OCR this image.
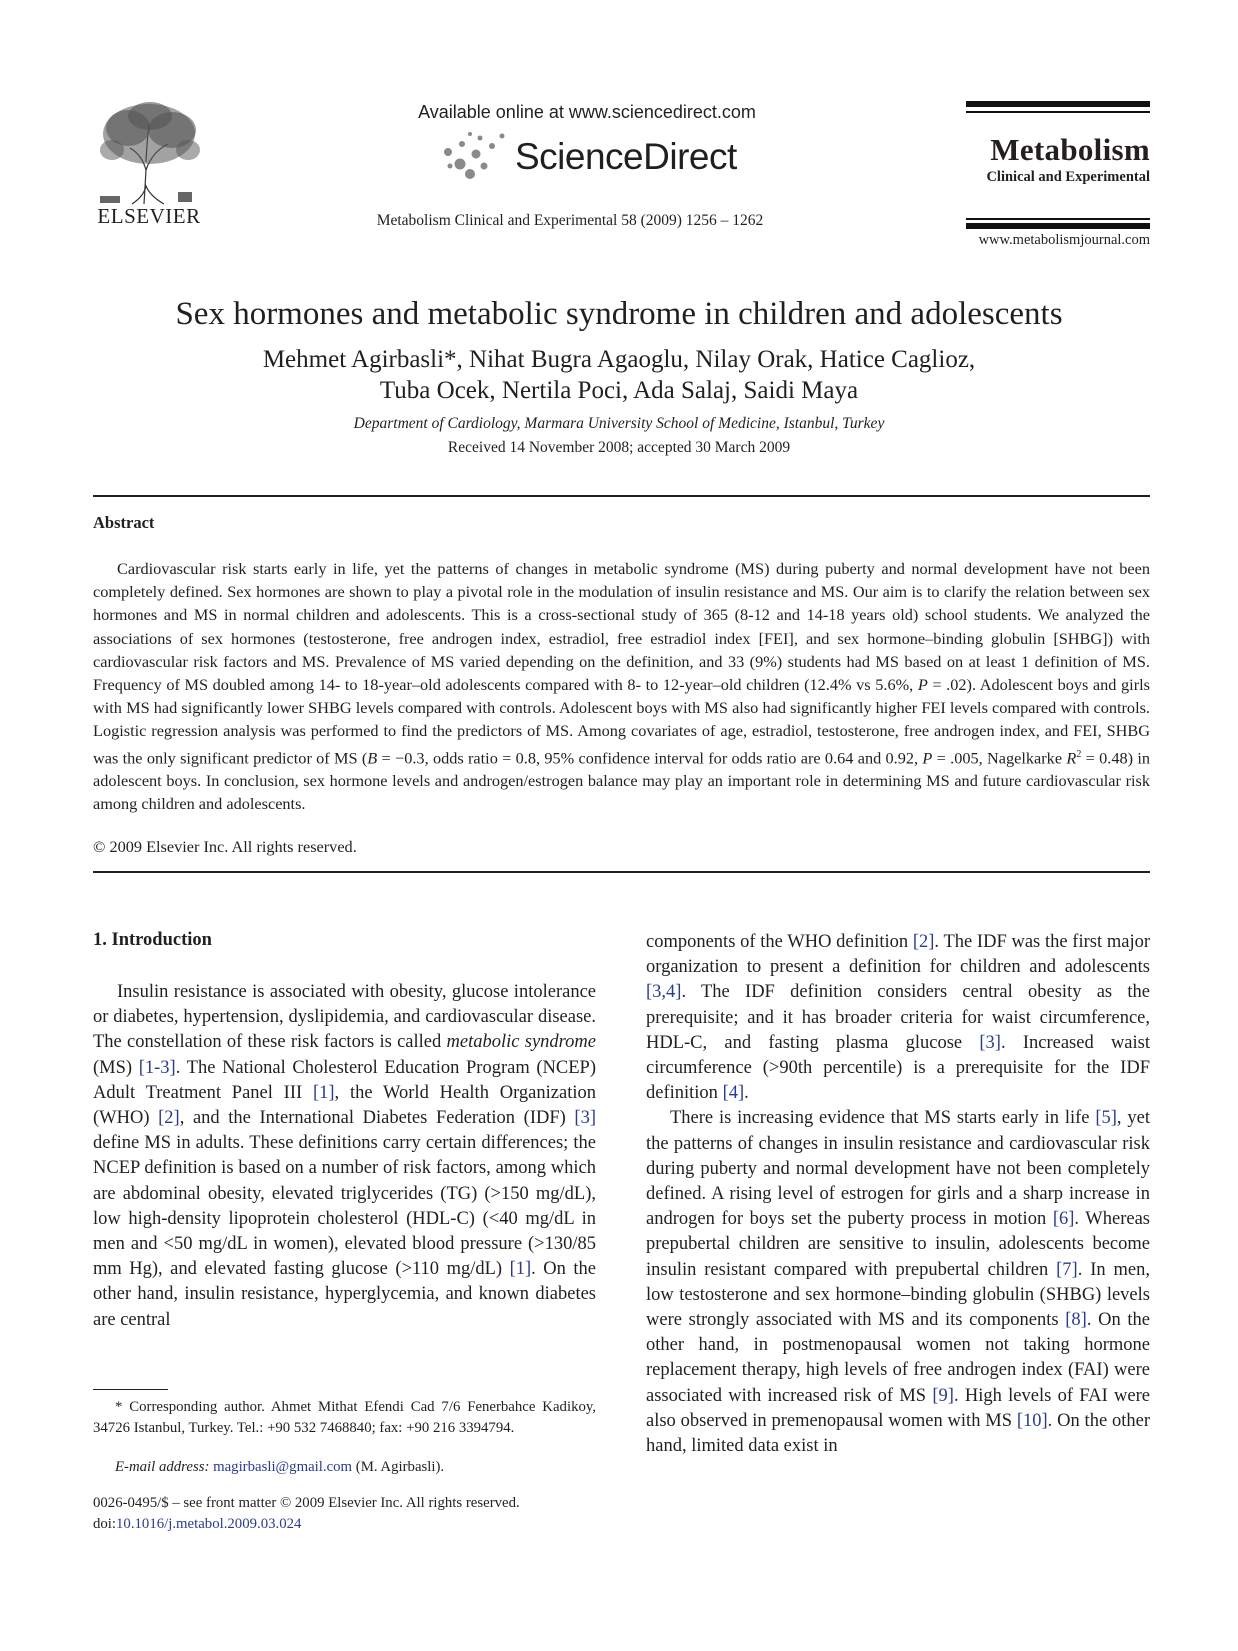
ELSEVIER
Available online at www.sciencedirect.com
ScienceDirect
Metabolism Clinical and Experimental 58 (2009) 1256 – 1262
Metabolism
Clinical and Experimental
www.metabolismjournal.com
Sex hormones and metabolic syndrome in children and adolescents
Mehmet Agirbasli*, Nihat Bugra Agaoglu, Nilay Orak, Hatice Caglioz,
Tuba Ocek, Nertila Poci, Ada Salaj, Saidi Maya
Department of Cardiology, Marmara University School of Medicine, Istanbul, Turkey
Received 14 November 2008; accepted 30 March 2009
Abstract
Cardiovascular risk starts early in life, yet the patterns of changes in metabolic syndrome (MS) during puberty and normal development have not been completely defined. Sex hormones are shown to play a pivotal role in the modulation of insulin resistance and MS. Our aim is to clarify the relation between sex hormones and MS in normal children and adolescents. This is a cross-sectional study of 365 (8-12 and 14-18 years old) school students. We analyzed the associations of sex hormones (testosterone, free androgen index, estradiol, free estradiol index [FEI], and sex hormone–binding globulin [SHBG]) with cardiovascular risk factors and MS. Prevalence of MS varied depending on the definition, and 33 (9%) students had MS based on at least 1 definition of MS. Frequency of MS doubled among 14- to 18-year–old adolescents compared with 8- to 12-year–old children (12.4% vs 5.6%, P = .02). Adolescent boys and girls with MS had significantly lower SHBG levels compared with controls. Adolescent boys with MS also had significantly higher FEI levels compared with controls. Logistic regression analysis was performed to find the predictors of MS. Among covariates of age, estradiol, testosterone, free androgen index, and FEI, SHBG was the only significant predictor of MS (B = −0.3, odds ratio = 0.8, 95% confidence interval for odds ratio are 0.64 and 0.92, P = .005, Nagelkarke $R^2 = 0.48$) in adolescent boys. In conclusion, sex hormone levels and androgen/estrogen balance may play an important role in determining MS and future cardiovascular risk among children and adolescents.
© 2009 Elsevier Inc. All rights reserved.
1. Introduction
Insulin resistance is associated with obesity, glucose intolerance or diabetes, hypertension, dyslipidemia, and cardiovascular disease. The constellation of these risk factors is called metabolic syndrome (MS) [1-3]. The National Cholesterol Education Program (NCEP) Adult Treatment Panel III [1], the World Health Organization (WHO) [2], and the International Diabetes Federation (IDF) [3] define MS in adults. These definitions carry certain differences; the NCEP definition is based on a number of risk factors, among which are abdominal obesity, elevated triglycerides (TG) (>150 mg/dL), low high-density lipoprotein cholesterol (HDL-C) (<40 mg/dL in men and <50 mg/dL in women), elevated blood pressure (>130/85 mm Hg), and elevated fasting glucose (>110 mg/dL) [1]. On the other hand, insulin resistance, hyperglycemia, and known diabetes are central

components of the WHO definition [2]. The IDF was the first major organization to present a definition for children and adolescents [3,4]. The IDF definition considers central obesity as the prerequisite; and it has broader criteria for waist circumference, HDL-C, and fasting plasma glucose [3]. Increased waist circumference (>90th percentile) is a prerequisite for the IDF definition [4].

There is increasing evidence that MS starts early in life [5], yet the patterns of changes in insulin resistance and cardiovascular risk during puberty and normal development have not been completely defined. A rising level of estrogen for girls and a sharp increase in androgen for boys set the puberty process in motion [6]. Whereas prepubertal children are sensitive to insulin, adolescents become insulin resistant compared with prepubertal children [7]. In men, low testosterone and sex hormone–binding globulin (SHBG) levels were strongly associated with MS and its components [8]. On the other hand, in postmenopausal women not taking hormone replacement therapy, high levels of free androgen index (FAI) were associated with increased risk of MS [9]. High levels of FAI were also observed in premenopausal women with MS [10]. On the other hand, limited data exist in

* Corresponding author. Ahmet Mithat Efendi Cad 7/6 Fenerbahce Kadikoy, 34726 Istanbul, Turkey. Tel.: +90 532 7468840; fax: +90 216 3394794.
E-mail address: magirbasli@gmail.com (M. Agirbasli).
0026-0495/$ – see front matter © 2009 Elsevier Inc. All rights reserved.
doi:10.1016/j.metabol.2009.03.024
